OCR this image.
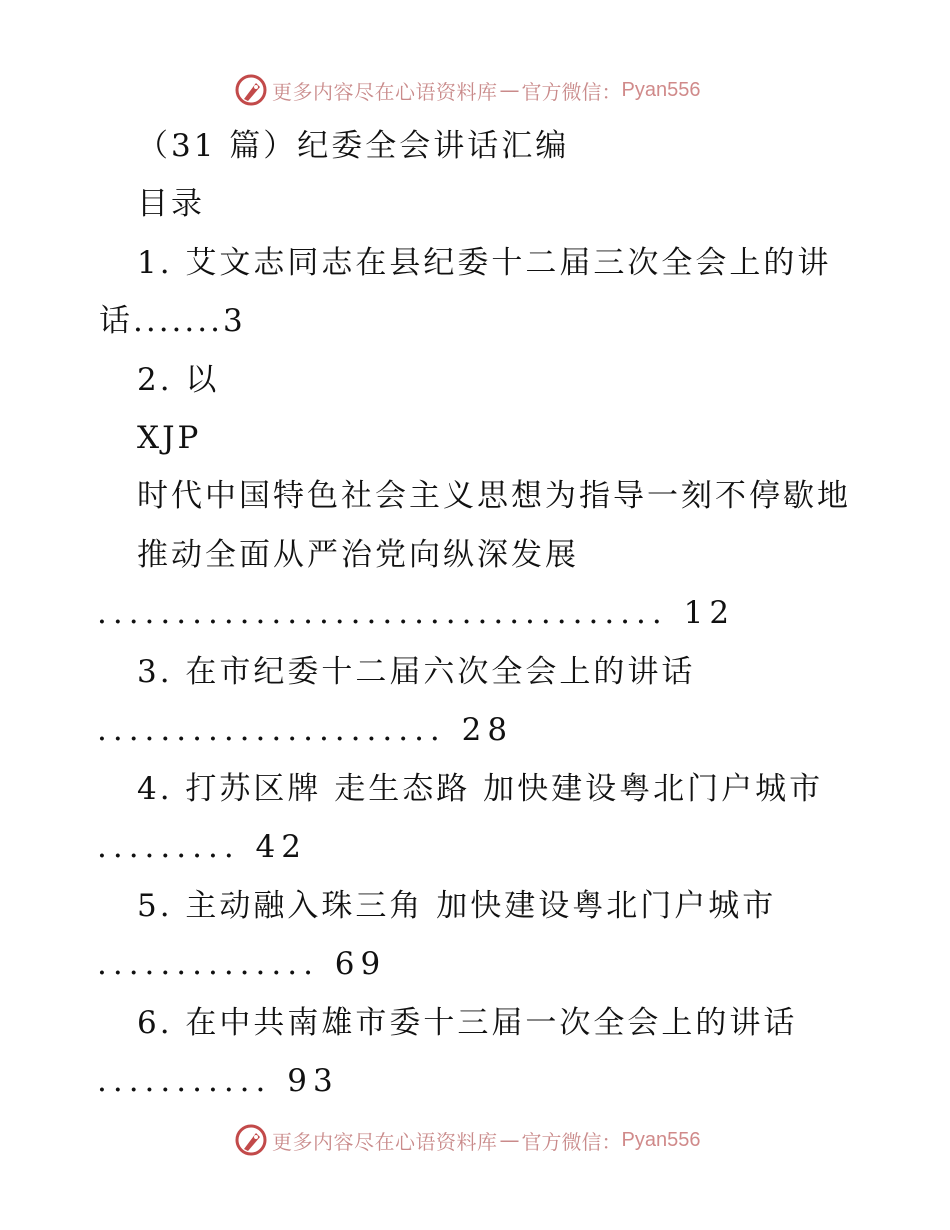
更多内容尽在心语资料库 — 官方微信： Pyan556
（31 篇）纪委全会讲话汇编
目录
1. 艾文志同志在县纪委十二届三次全会上的讲
话.......3
2. 以
XJP
时代中国特色社会主义思想为指导一刻不停歇地
推动全面从严治党向纵深发展
.................................... 12
3. 在市纪委十二届六次全会上的讲话
...................... 28
4. 打苏区牌 走生态路 加快建设粤北门户城市
......... 42
5. 主动融入珠三角 加快建设粤北门户城市
.............. 69
6. 在中共南雄市委十三届一次全会上的讲话
........... 93
更多内容尽在心语资料库 — 官方微信： Pyan556
